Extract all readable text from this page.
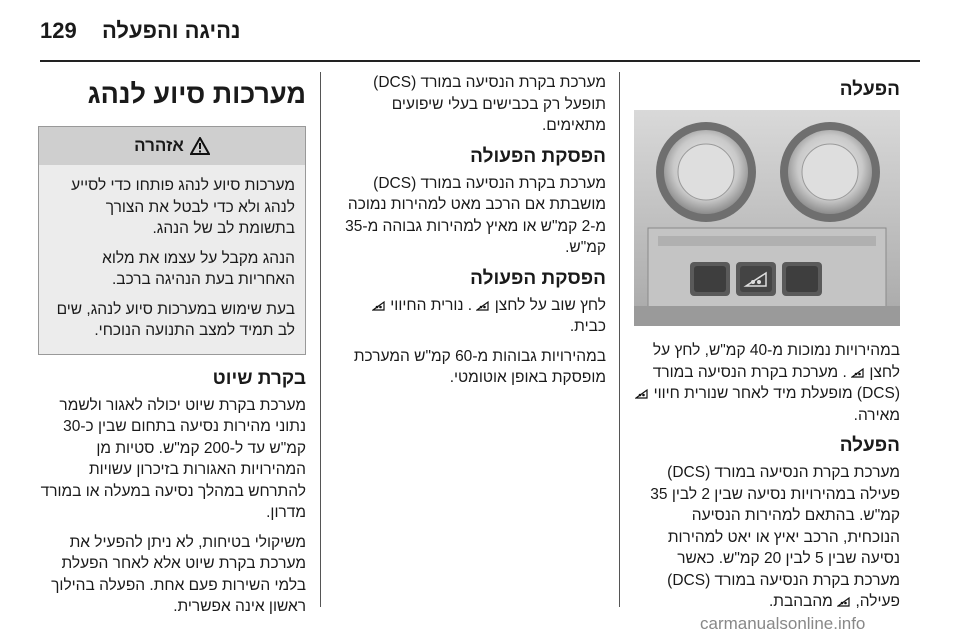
129 נהיגה והפעלה
מערכות סיוע לנהג
אזהרה

מערכות סיוע לנהג פותחו כדי לסייע לנהג ולא כדי לבטל את הצורך בתשומת לב של הנהג.

הנהג מקבל על עצמו את מלוא האחריות בעת הנהיגה ברכב.

בעת שימוש במערכות סיוע לנהג, שים לב תמיד למצב התנועה הנוכחי.

בקרת שיוט

מערכת בקרת שיוט יכולה לאגור ולשמר נתוני מהירות נסיעה בתחום שבין כ-30 קמ"ש עד ל-200 קמ"ש. סטיות מן המהירויות האגורות בזיכרון עשויות להתרחש במהלך נסיעה במעלה או במורד מדרון.

משיקולי בטיחות, לא ניתן להפעיל את מערכת בקרת שיוט אלא לאחר הפעלת בלמי השירות פעם אחת. הפעלה בהילוך ראשון אינה אפשרית.

מערכת בקרת הנסיעה במורד (DCS) תופעל רק בכבישים בעלי שיפועים מתאימים.

הפסקת הפעולה

מערכת בקרת הנסיעה במורד (DCS) מושבתת אם הרכב מאט למהירות נמוכה מ-2 קמ"ש או מאיץ למהירות גבוהה מ-35 קמ"ש.

הפסקת הפעולה

לחץ שוב על לחצן  . נורית החיווי  כבית.

במהירויות גבוהות מ-60 קמ"ש המערכת מופסקת באופן אוטומטי.

הפעלה

במהירויות נמוכות מ-40 קמ"ש, לחץ על לחצן  . מערכת בקרת הנסיעה במורד (DCS) מופעלת מיד לאחר שנורית חיווי  מאירה.

הפעלה

מערכת בקרת הנסיעה במורד (DCS) פעילה במהירויות נסיעה שבין 2 לבין 35 קמ"ש. בהתאם למהירות הנסיעה הנוכחית, הרכב יאיץ או יאט למהירות נסיעה שבין 5 לבין 20 קמ"ש. כאשר מערכת בקרת הנסיעה במורד (DCS) פעילה,  מהבהבת.

carmanualsonline.info
